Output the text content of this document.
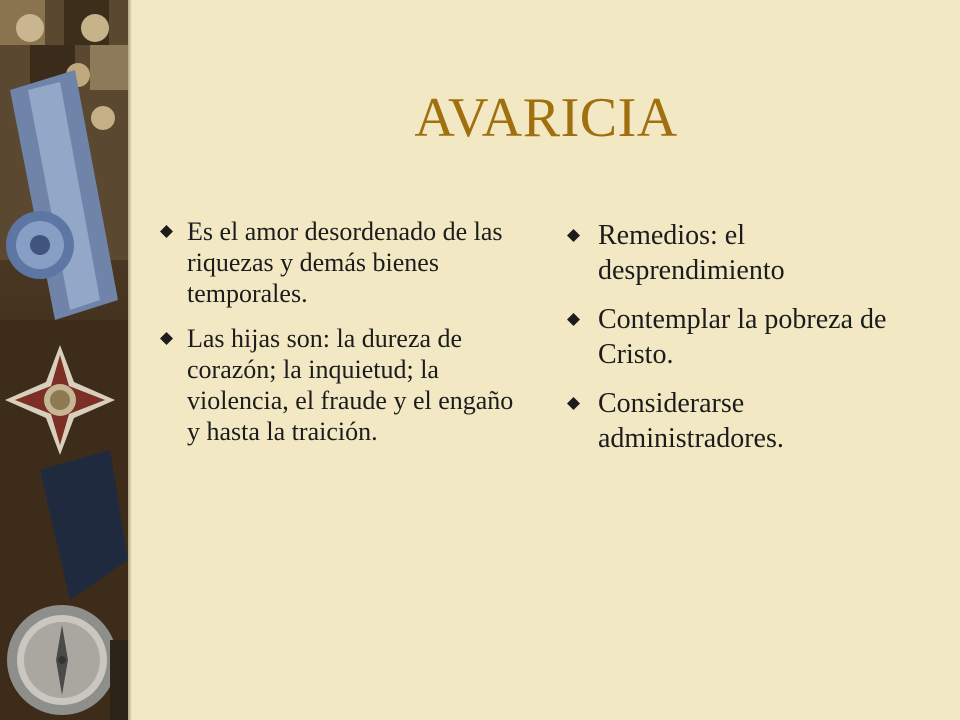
AVARICIA
Es el amor desordenado de las riquezas y demás bienes temporales.
Las hijas son: la dureza de corazón; la inquietud; la violencia, el fraude y el engaño y hasta la traición.
Remedios: el desprendimiento
Contemplar la pobreza de Cristo.
Considerarse administradores.
